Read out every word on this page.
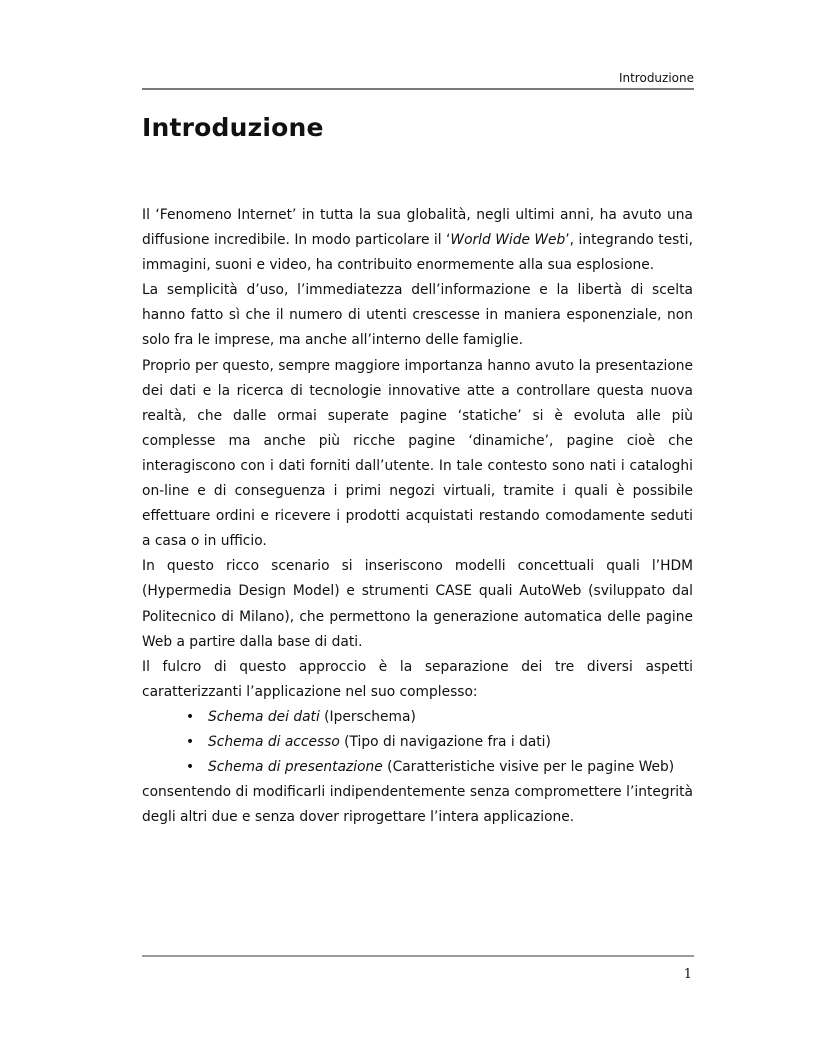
Introduzione
Introduzione

Il ‘Fenomeno Internet’ in tutta la sua globalità, negli ultimi anni, ha avuto una diffusione incredibile. In modo particolare il ‘World Wide Web’, integrando testi, immagini, suoni e video, ha contribuito enormemente alla sua esplosione.

La semplicità d’uso, l’immediatezza dell’informazione e la libertà di scelta hanno fatto sì che il numero di utenti crescesse in maniera esponenziale, non solo fra le imprese, ma anche all’interno delle famiglie.

Proprio per questo, sempre maggiore importanza hanno avuto la presentazione dei dati e la ricerca di tecnologie innovative atte a controllare questa nuova realtà, che dalle ormai superate pagine ‘statiche’ si è evoluta alle più complesse ma anche più ricche pagine ‘dinamiche’, pagine cioè che interagiscono con i dati forniti dall’utente. In tale contesto sono nati i cataloghi on-line e di conseguenza i primi negozi virtuali, tramite i quali è possibile effettuare ordini e ricevere i prodotti acquistati restando comodamente seduti a casa o in ufficio.

In questo ricco scenario si inseriscono modelli concettuali quali l’HDM (Hypermedia Design Model) e strumenti CASE quali AutoWeb (sviluppato dal Politecnico di Milano), che permettono la generazione automatica delle pagine Web a partire dalla base di dati.

Il fulcro di questo approccio è la separazione dei tre diversi aspetti caratterizzanti l’applicazione nel suo complesso:

• Schema dei dati (Iperschema)
• Schema di accesso (Tipo di navigazione fra i dati)
• Schema di presentazione (Caratteristiche visive per le pagine Web)

consentendo di modificarli indipendentemente senza compromettere l’integrità degli altri due e senza dover riprogettare l’intera applicazione.

1
